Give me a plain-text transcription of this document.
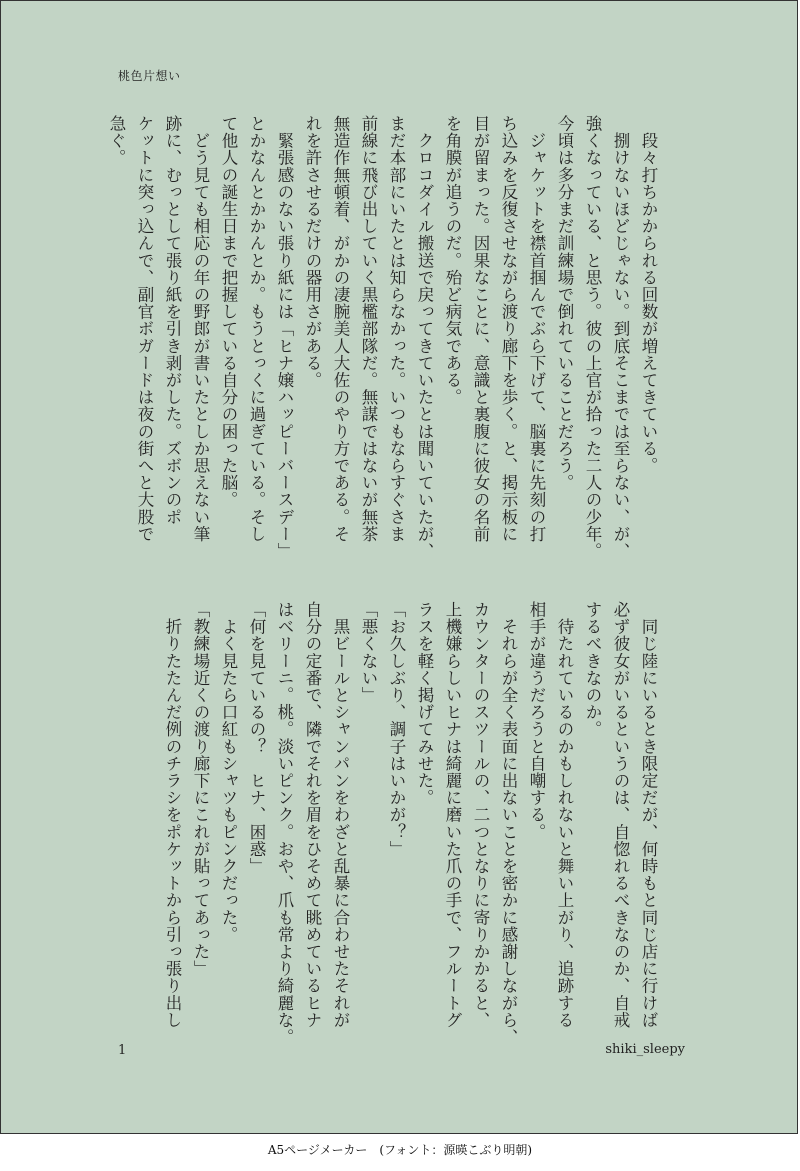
桃色片想い
　段々打ちかかられる回数が増えてきている。
　捌けないほどじゃない。到底そこまでは至らない、が、
強くなっている、と思う。彼の上官が拾った二人の少年。
今頃は多分まだ訓練場で倒れていることだろう。
　ジャケットを襟首掴んでぶら下げて、脳裏に先刻の打
ち込みを反復させながら渡り廊下を歩く。と、掲示板に
目が留まった。因果なことに、意識と裏腹に彼女の名前
を角膜が追うのだ。殆ど病気である。
　クロコダイル搬送で戻ってきていたとは聞いていたが、
まだ本部にいたとは知らなかった。いつもならすぐさま
前線に飛び出していく黒檻部隊だ。無謀ではないが無茶
無造作無頓着、がかの凄腕美人大佐のやり方である。そ
れを許させるだけの器用さがある。
　緊張感のない張り紙には「ヒナ嬢ハッピーバースデー」
とかなんとかかんとか。もうとっくに過ぎている。そし
て他人の誕生日まで把握している自分の困った脳。
　どう見ても相応の年の野郎が書いたとしか思えない筆
跡に、むっとして張り紙を引き剥がした。ズボンのポ
ケットに突っ込んで、副官ボガードは夜の街へと大股で
急ぐ。
　同じ陸にいるとき限定だが、何時もと同じ店に行けば
必ず彼女がいるというのは、自惚れるべきなのか、自戒
するべきなのか。
　待たれているのかもしれないと舞い上がり、追跡する
相手が違うだろうと自嘲する。
　それらが全く表面に出ないことを密かに感謝しながら、
カウンターのスツールの、二つとなりに寄りかかると、
上機嫌らしいヒナは綺麗に磨いた爪の手で、フルートグ
ラスを軽く掲げてみせた。
「お久しぶり、調子はいかが？」
「悪くない」
　黒ビールとシャンパンをわざと乱暴に合わせたそれが
自分の定番で、隣でそれを眉をひそめて眺めているヒナ
はベリーニ。桃。淡いピンク。おや、爪も常より綺麗な。
「何を見ているの？　ヒナ、困惑」
　よく見たら口紅もシャツもピンクだった。
「教練場近くの渡り廊下にこれが貼ってあった」
　折りたたんだ例のチラシをポケットから引っ張り出し
1	shiki_sleepy
A5ページメーカー　(フォント：源暎こぶり明朝)
